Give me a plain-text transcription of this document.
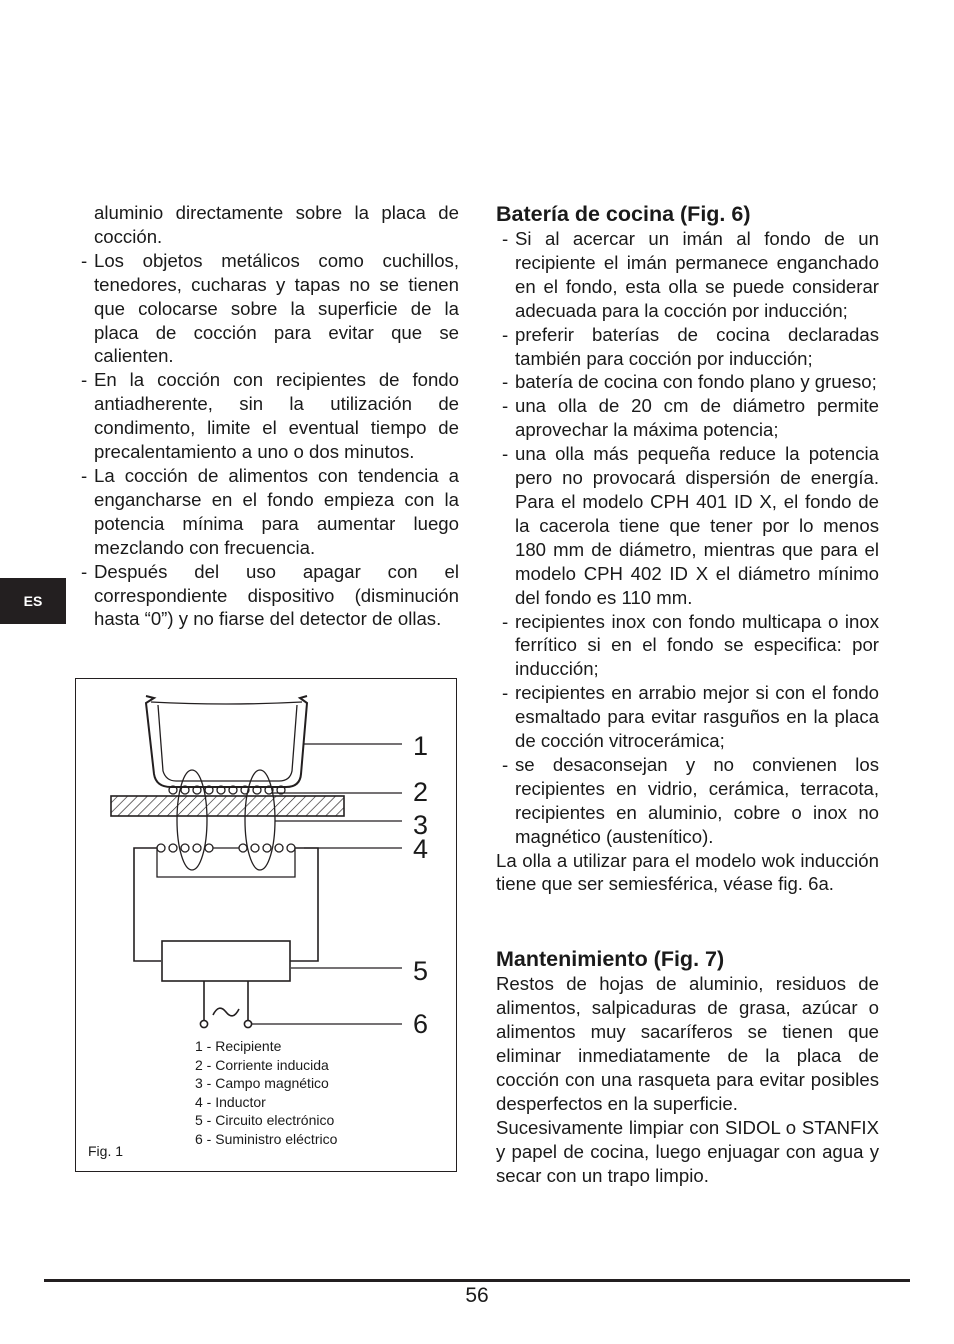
ES

aluminio directamente sobre la placa de cocción.

- Los objetos metálicos como cuchillos, tenedores, cucharas y tapas no se tienen que colocarse sobre la superficie de la placa de cocción para evitar que se calienten.
- En la cocción con recipientes de fondo antiadherente, sin la utilización de condimento, limite el eventual tiempo de precalentamiento a uno o dos minutos.
- La cocción de alimentos con tendencia a engancharse en el fondo empieza con la potencia mínima para aumentar luego mezclando con frecuencia.
- Después del uso apagar con el correspondiente dispositivo (disminución hasta “0”) y no fiarse del detector de ollas.
1
2
3
4
5
6
1 - Recipiente
2 - Corriente inducida
3 - Campo magnético
4 - Inductor
5 - Circuito electrónico
6 - Suministro eléctrico
Fig. 1
Batería de cocina (Fig. 6)
- Si al acercar un imán al fondo de un recipiente el imán permanece enganchado en el fondo, esta olla se puede considerar adecuada para la cocción por inducción;
- preferir baterías de cocina declaradas también para cocción por inducción;
- batería de cocina con fondo plano y grueso;
- una olla de 20 cm de diámetro permite aprovechar la máxima potencia;
- una olla más pequeña reduce la potencia pero no provocará dispersión de energía. Para el modelo CPH 401 ID X, el fondo de la cacerola tiene que tener por lo menos 180 mm de diámetro, mientras que para el modelo CPH 402 ID X el diámetro mínimo del fondo es 110 mm.
- recipientes inox con fondo multicapa o inox ferrítico si en el fondo se especifica: por inducción;
- recipientes en arrabio mejor si con el fondo esmaltado para evitar rasguños en la placa de cocción vitrocerámica;
- se desaconsejan y no convienen los recipientes en vidrio, cerámica, terracota, recipientes en aluminio, cobre o inox no magnético (austenítico).

La olla a utilizar para el modelo wok inducción tiene que ser semiesférica, véase fig. 6a.

Mantenimiento (Fig. 7)

Restos de hojas de aluminio, residuos de alimentos, salpicaduras de grasa, azúcar o alimentos muy sacaríferos se tienen que eliminar inmediatamente de la placa de cocción con una rasqueta para evitar posibles desperfectos en la superficie.

Sucesivamente limpiar con SIDOL o STANFIX y papel de cocina, luego enjuagar con agua y secar con un trapo limpio.

56
